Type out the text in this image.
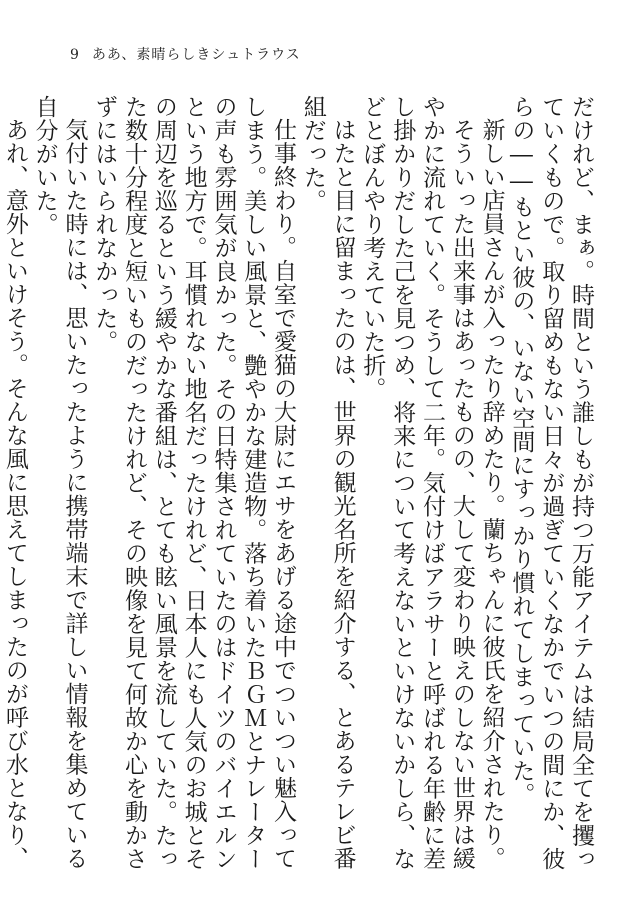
9 ああ、素晴らしきシュトラウス

だけれど、まぁ。時間という誰しもが持つ万能アイテムは結局全てを攫っていくもので。取り留めもない日々が過ぎていくなかでいつの間にか、彼らの――もとい彼の、いない空間にすっかり慣れてしまっていた。

新しい店員さんが入ったり辞めたり。蘭ちゃんに彼氏を紹介されたり。

そういった出来事はあったものの、大して変わり映えのしない世界は緩やかに流れていく。そうして二年。気付けばアラサーと呼ばれる年齢に差し掛かりだした己を見つめ、将来について考えないといけないかしら、などとぼんやり考えていた折。

はたと目に留まったのは、世界の観光名所を紹介する、とあるテレビ番組だった。

仕事終わり。自室で愛猫の大尉にエサをあげる途中でついつい魅入ってしまう。美しい風景と、艶やかな建造物。落ち着いたＢＧＭとナレーターの声も雰囲気が良かった。その日特集されていたのはドイツのバイエルンという地方で。耳慣れない地名だったけれど、日本人にも人気のお城とその周辺を巡るという緩やかな番組は、とても眩い風景を流していた。たった数十分程度と短いものだったけれど、その映像を見て何故か心を動かさずにはいられなかった。

気付いた時には、思いたったように携帯端末で詳しい情報を集めている自分がいた。

あれ、意外といけそう。そんな風に思えてしまったのが呼び水となり、
